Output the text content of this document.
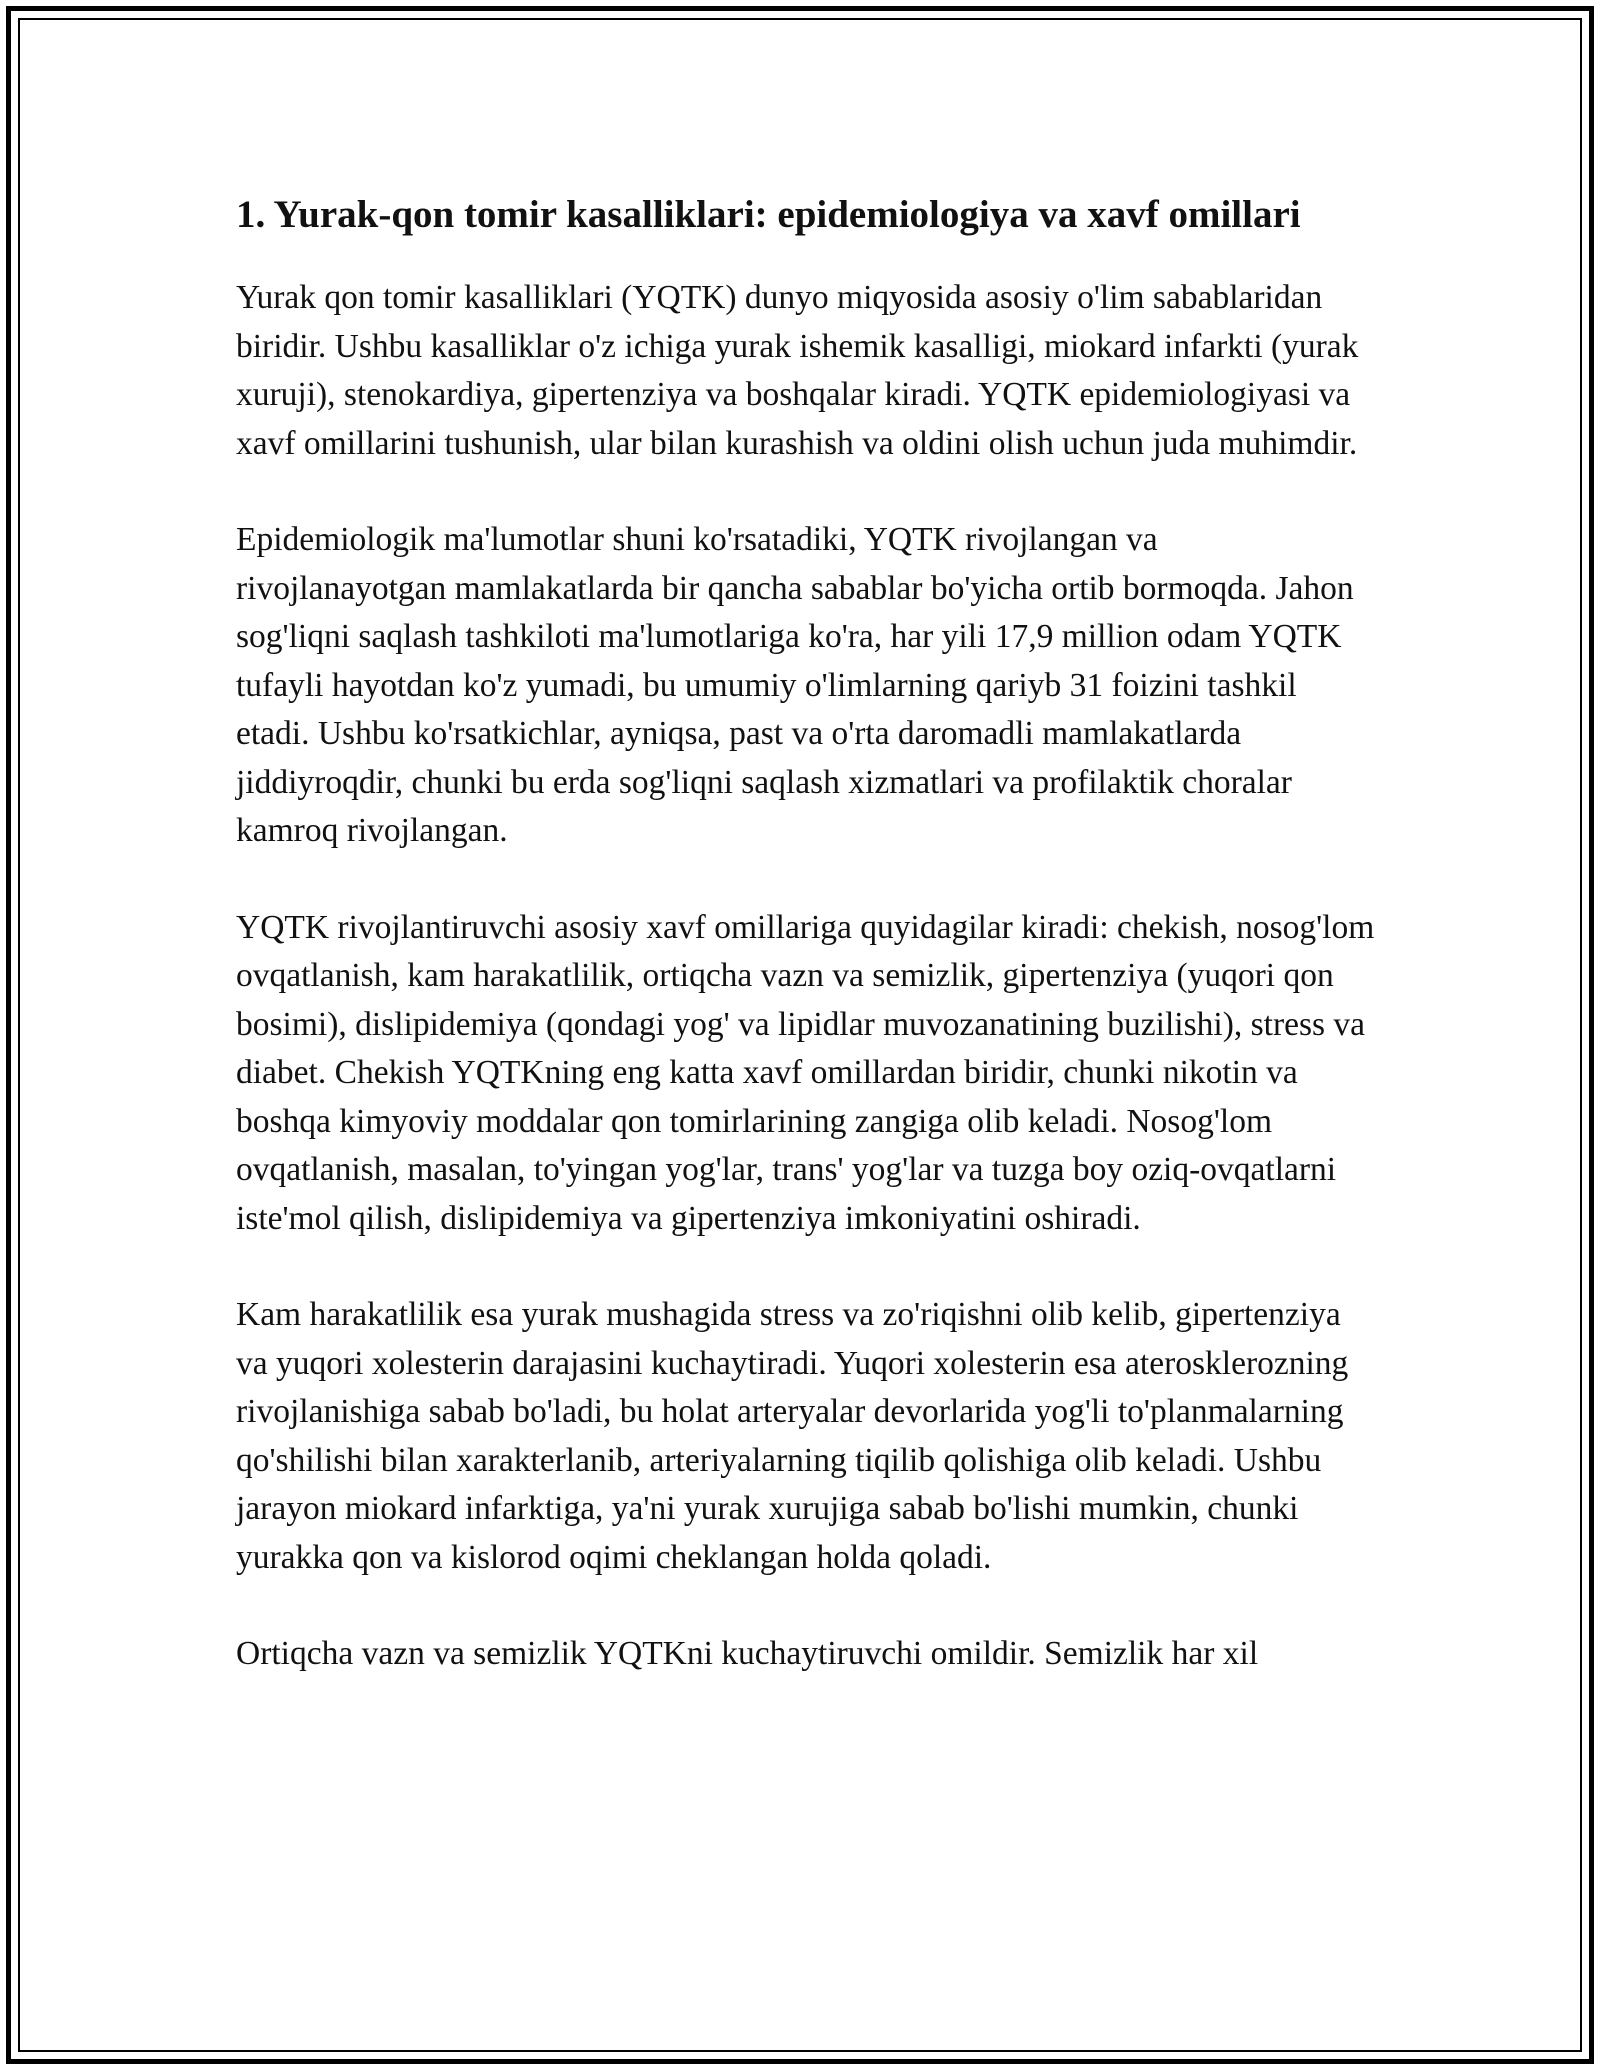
1. Yurak-qon tomir kasalliklari: epidemiologiya va xavf omillari

Yurak qon tomir kasalliklari (YQTK) dunyo miqyosida asosiy o'lim sabablaridan biridir. Ushbu kasalliklar o'z ichiga yurak ishemik kasalligi, miokard infarkti (yurak xuruji), stenokardiya, gipertenziya va boshqalar kiradi. YQTK epidemiologiyasi va xavf omillarini tushunish, ular bilan kurashish va oldini olish uchun juda muhimdir.

Epidemiologik ma'lumotlar shuni ko'rsatadiki, YQTK rivojlangan va rivojlanayotgan mamlakatlarda bir qancha sabablar bo'yicha ortib bormoqda. Jahon sog'liqni saqlash tashkiloti ma'lumotlariga ko'ra, har yili 17,9 million odam YQTK tufayli hayotdan ko'z yumadi, bu umumiy o'limlarning qariyb 31 foizini tashkil etadi. Ushbu ko'rsatkichlar, ayniqsa, past va o'rta daromadli mamlakatlarda jiddiyroqdir, chunki bu erda sog'liqni saqlash xizmatlari va profilaktik choralar kamroq rivojlangan.

YQTK rivojlantiruvchi asosiy xavf omillariga quyidagilar kiradi: chekish, nosog'lom ovqatlanish, kam harakatlilik, ortiqcha vazn va semizlik, gipertenziya (yuqori qon bosimi), dislipidemiya (qondagi yog' va lipidlar muvozanatining buzilishi), stress va diabet. Chekish YQTKning eng katta xavf omillardan biridir, chunki nikotin va boshqa kimyoviy moddalar qon tomirlarining zangiga olib keladi. Nosog'lom ovqatlanish, masalan, to'yingan yog'lar, trans' yog'lar va tuzga boy oziq-ovqatlarni iste'mol qilish, dislipidemiya va gipertenziya imkoniyatini oshiradi.

Kam harakatlilik esa yurak mushagida stress va zo'riqishni olib kelib, gipertenziya va yuqori xolesterin darajasini kuchaytiradi. Yuqori xolesterin esa aterosklerozning rivojlanishiga sabab bo'ladi, bu holat arteryalar devorlarida yog'li to'planmalarning qo'shilishi bilan xarakterlanib, arteriyalarning tiqilib qolishiga olib keladi. Ushbu jarayon miokard infarktiga, ya'ni yurak xurujiga sabab bo'lishi mumkin, chunki yurakka qon va kislorod oqimi cheklangan holda qoladi.

Ortiqcha vazn va semizlik YQTKni kuchaytiruvchi omildir. Semizlik har xil
